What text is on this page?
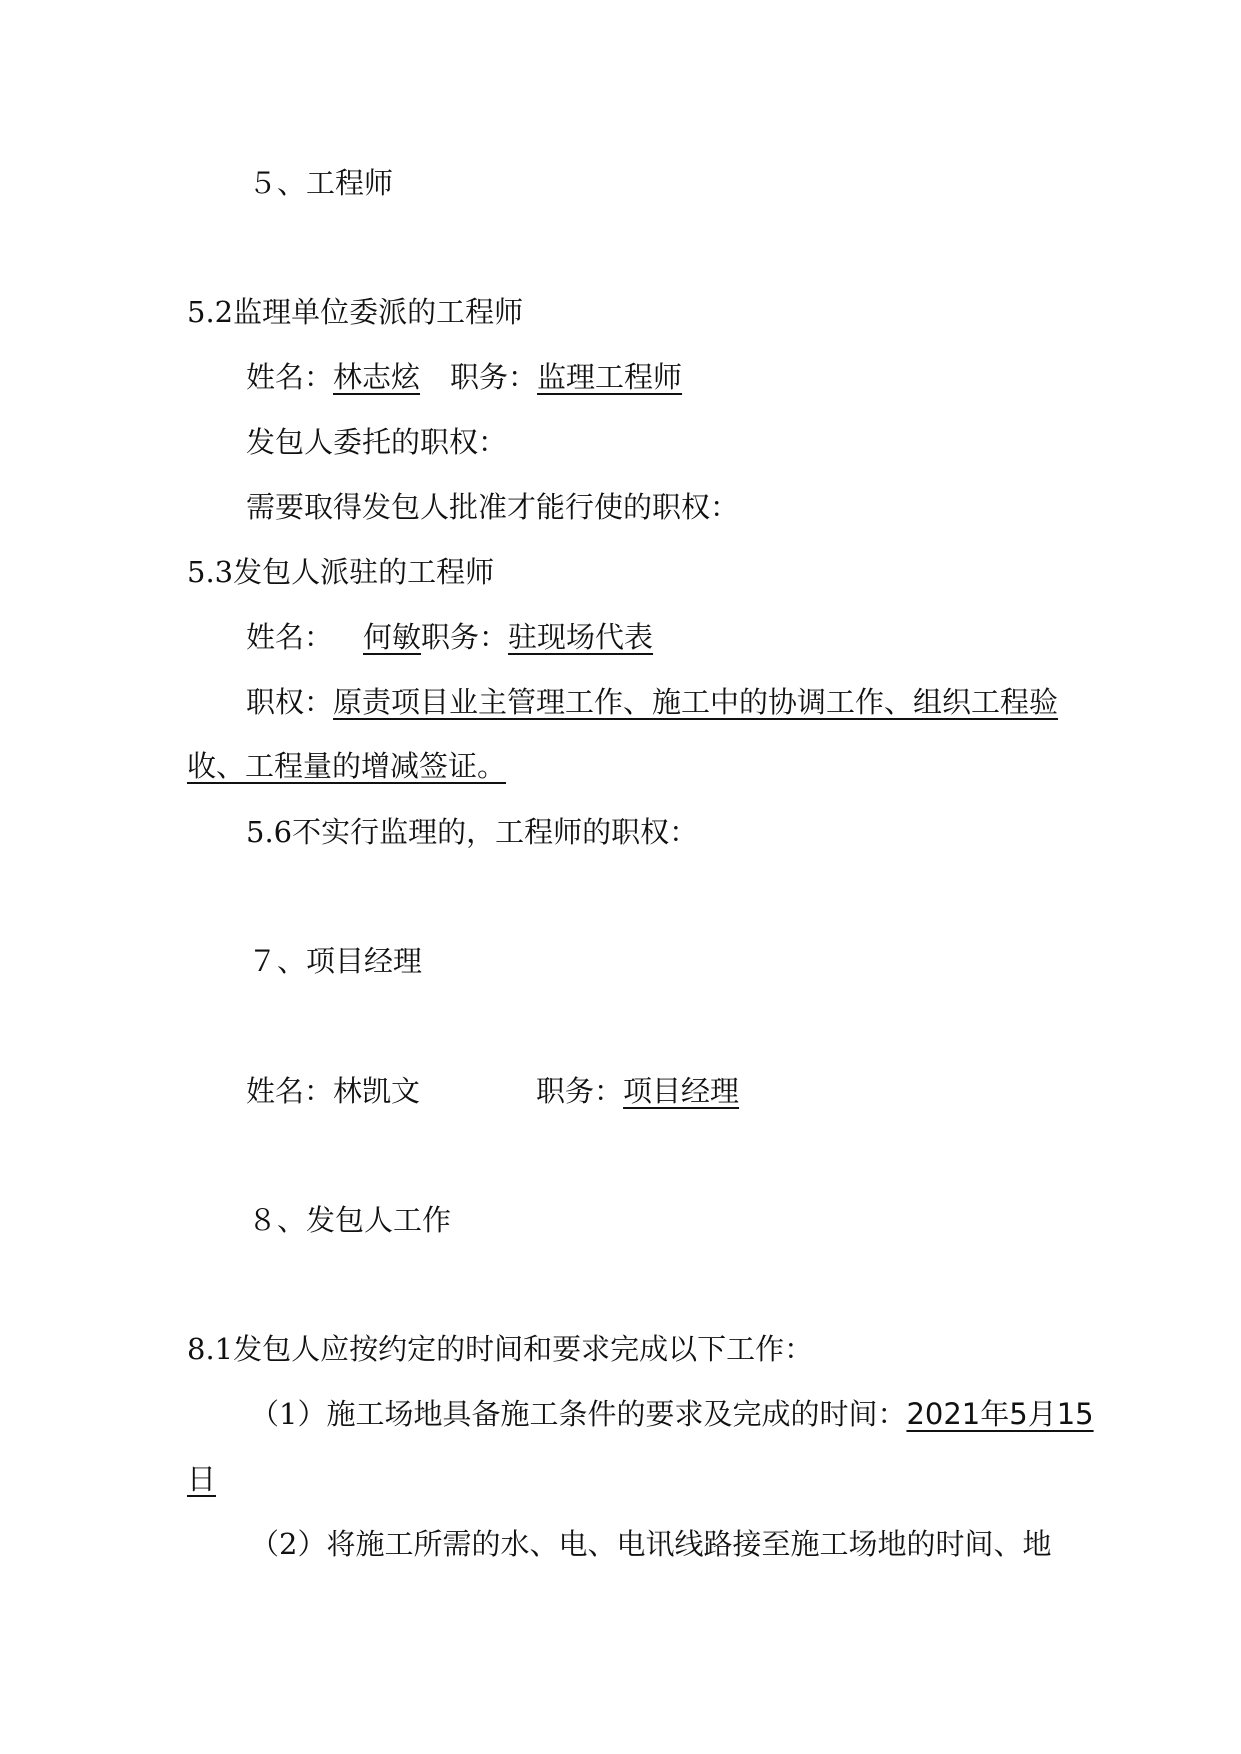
５、工程师
5.2监理单位委派的工程师
姓名：林志炫 职务：监理工程师
发包人委托的职权：
需要取得发包人批准才能行使的职权：
5.3发包人派驻的工程师
姓名： 何敏职务：驻现场代表
职权：原责项目业主管理工作、施工中的协调工作、组织工程验
收、工程量的增减签证。
5.6不实行监理的，工程师的职权：
７、项目经理
姓名：林凯文	职务：项目经理
８、发包人工作
8.1发包人应按约定的时间和要求完成以下工作：
（1）施工场地具备施工条件的要求及完成的时间：2021年5月15
日
（2）将施工所需的水、电、电讯线路接至施工场地的时间、地
